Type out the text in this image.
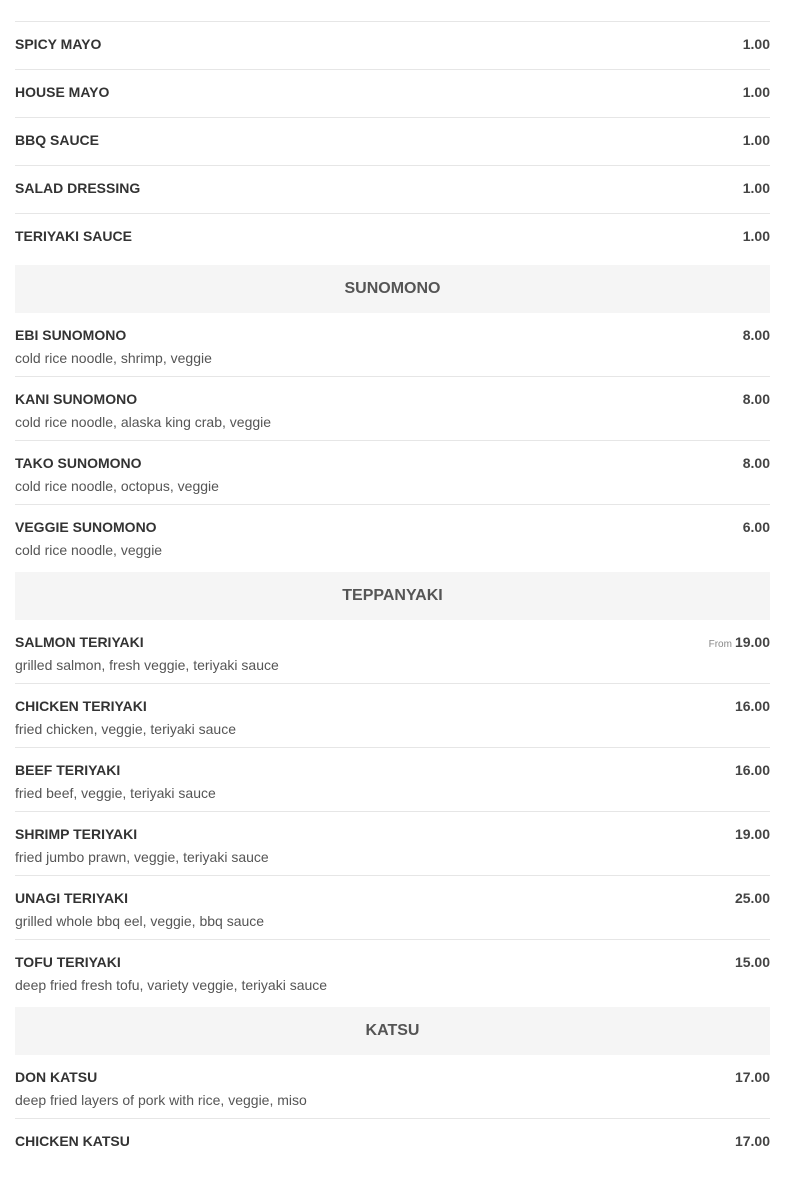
SPICY MAYO	1.00
HOUSE MAYO	1.00
BBQ SAUCE	1.00
SALAD DRESSING	1.00
TERIYAKI SAUCE	1.00
SUNOMONO
EBI SUNOMONO	8.00
cold rice noodle, shrimp, veggie
KANI SUNOMONO	8.00
cold rice noodle, alaska king crab, veggie
TAKO SUNOMONO	8.00
cold rice noodle, octopus, veggie
VEGGIE SUNOMONO	6.00
cold rice noodle, veggie
TEPPANYAKI
SALMON TERIYAKI	From 19.00
grilled salmon, fresh veggie, teriyaki sauce
CHICKEN TERIYAKI	16.00
fried chicken, veggie, teriyaki sauce
BEEF TERIYAKI	16.00
fried beef, veggie, teriyaki sauce
SHRIMP TERIYAKI	19.00
fried jumbo prawn, veggie, teriyaki sauce
UNAGI TERIYAKI	25.00
grilled whole bbq eel, veggie, bbq sauce
TOFU TERIYAKI	15.00
deep fried fresh tofu, variety veggie, teriyaki sauce
KATSU
DON KATSU	17.00
deep fried layers of pork with rice, veggie, miso
CHICKEN KATSU	17.00
